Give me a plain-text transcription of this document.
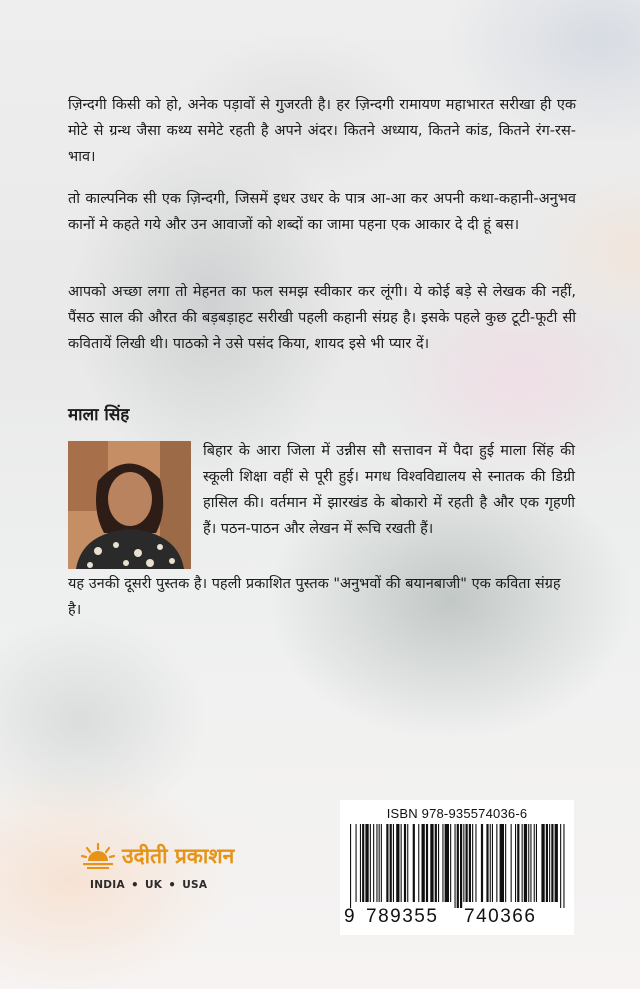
ज़िन्दगी किसी को हो, अनेक पड़ावों से गुजरती है। हर ज़िन्दगी रामायण महाभारत सरीखा ही एक मोटे से ग्रन्थ जैसा कथ्य समेटे रहती है अपने अंदर। कितने अध्याय, कितने कांड, कितने रंग-रस-भाव।

तो काल्पनिक सी एक ज़िन्दगी, जिसमें इधर उधर के पात्र आ-आ कर अपनी कथा-कहानी-अनुभव कानों मे कहते गये और उन आवाजों को शब्दों का जामा पहना एक आकार दे दी हूं बस।

आपको अच्छा लगा तो मेहनत का फल समझ स्वीकार कर लूंगी। ये कोई बड़े से लेखक की नहीं, पैंसठ साल की औरत की बड़बड़ाहट सरीखी पहली कहानी संग्रह है। इसके पहले कुछ टूटी-फूटी सी कवितायें लिखी थी। पाठको ने उसे पसंद किया, शायद इसे भी प्यार दें।

माला सिंह

बिहार के आरा जिला में उन्नीस सौ सत्तावन में पैदा हुई माला सिंह की स्कूली शिक्षा वहीं से पूरी हुई। मगध विश्वविद्यालय से स्नातक की डिग्री हासिल की। वर्तमान में झारखंड के बोकारो में रहती है और एक गृहणी हैं। पठन-पाठन और लेखन में रूचि रखती हैं।

यह उनकी दूसरी पुस्तक है। पहली प्रकाशित पुस्तक "अनुभवों की बयानबाजी" एक कविता संग्रह है।

उदीती प्रकाशन
INDIA • UK • USA
ISBN 978-935574036-6
9 789355 740366
